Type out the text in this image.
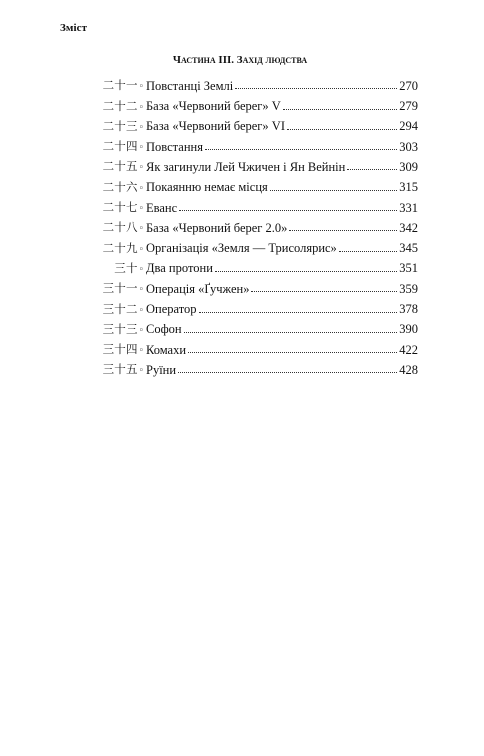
Зміст
Частина III. Захід людства
二十一◦ Повстанці Землі	270
二十二◦ База «Червоний берег» V	279
二十三◦ База «Червоний берег» VI	294
二十四◦ Повстання	303
二十五◦ Як загинули Лей Чжичен і Ян Вейнін	309
二十六◦ Покаянню немає місця	315
二十七◦ Еванс	331
二十八◦ База «Червоний берег 2.0»	342
二十九◦ Організація «Земля — Трисолярис»	345
三十◦ Два протони	351
三十一◦ Операція «Ґучжен»	359
三十二◦ Оператор	378
三十三◦ Софон	390
三十四◦ Комахи	422
三十五◦ Руїни	428
